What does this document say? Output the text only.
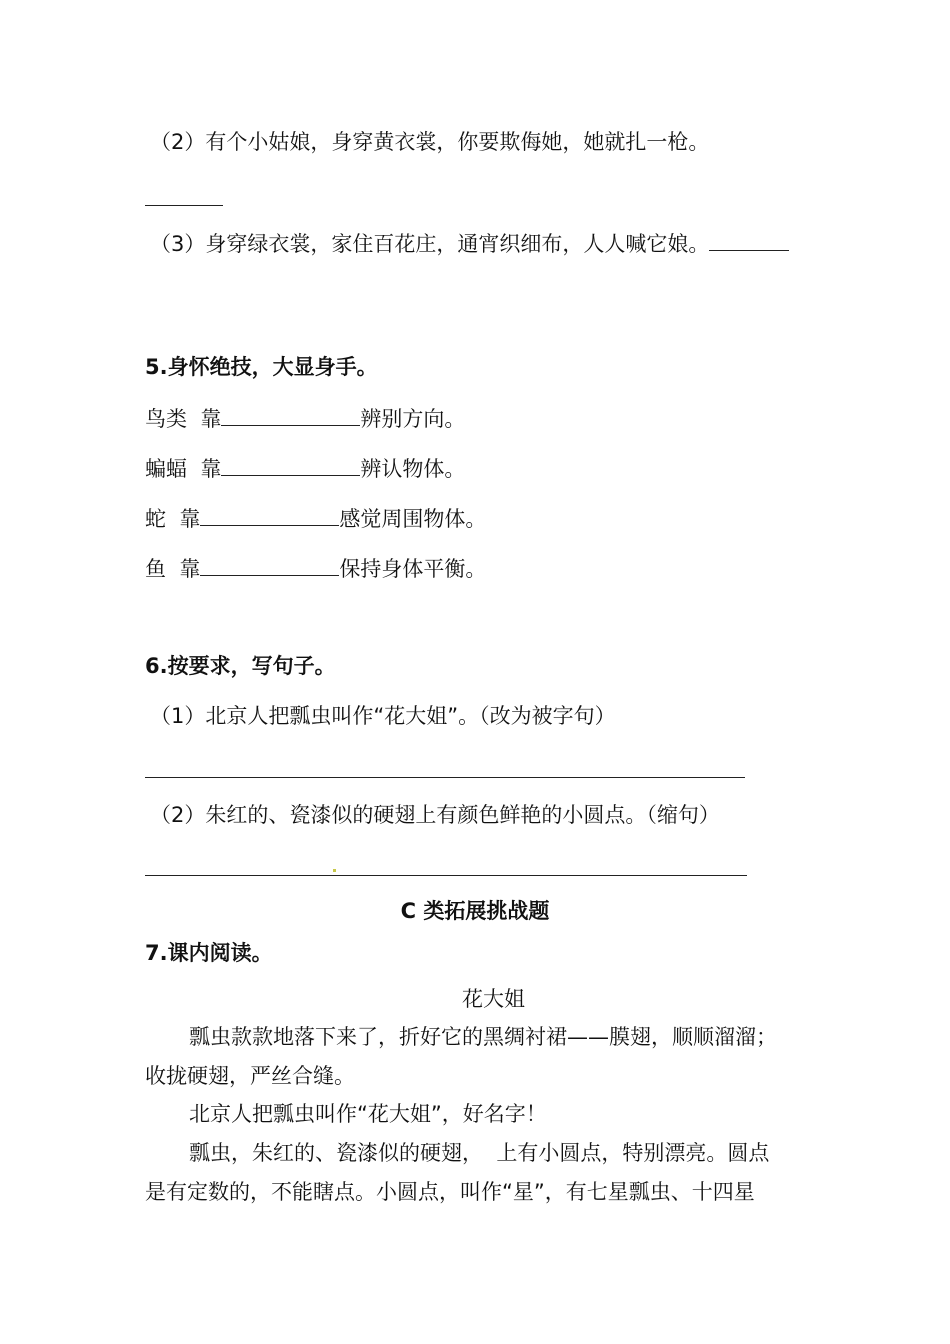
（2）有个小姑娘，身穿黄衣裳，你要欺侮她，她就扎一枪。
（3）身穿绿衣裳，家住百花庄，通宵织细布，人人喊它娘。
5.身怀绝技，大显身手。
鸟类  靠	辨别方向。
蝙蝠  靠	辨认物体。
蛇  靠	感觉周围物体。
鱼  靠	保持身体平衡。
6.按要求，写句子。
（1）北京人把瓢虫叫作“花大姐”。（改为被字句）
（2）朱红的、瓷漆似的硬翅上有颜色鲜艳的小圆点。（缩句）
C 类拓展挑战题
7.课内阅读。
花大姐
瓢虫款款地落下来了，折好它的黑绸衬裙——膜翅，顺顺溜溜；
收拢硬翅，严丝合缝。
北京人把瓢虫叫作“花大姐”，好名字！
瓢虫，朱红的、瓷漆似的硬翅，  上有小圆点，特别漂亮。圆点
是有定数的，不能瞎点。小圆点，叫作“星”，有七星瓢虫、十四星
